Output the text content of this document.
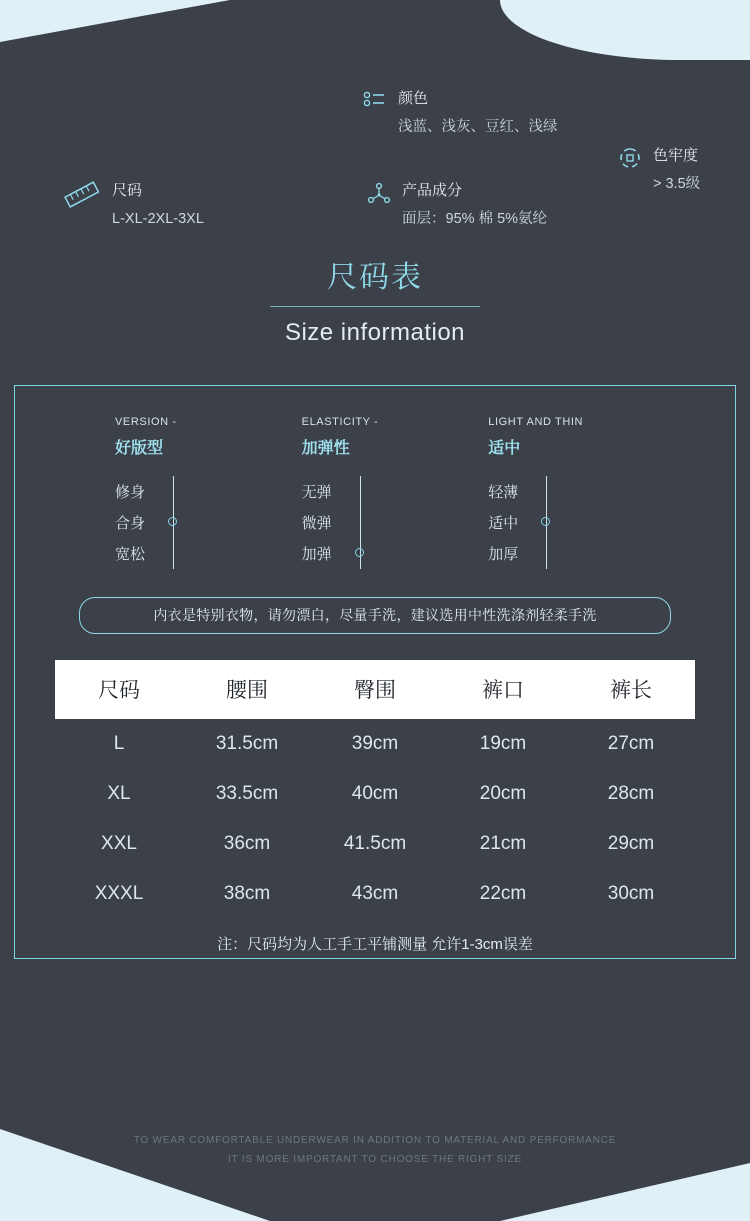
颜色
浅蓝、浅灰、豆红、浅绿
色牢度
> 3.5级
尺码
L-XL-2XL-3XL
产品成分
面层：95% 棉 5%氨纶
尺码表
Size information
VERSION -
好版型
修身
合身
宽松
ELASTICITY -
加弹性
无弹
微弹
加弹
LIGHT AND THIN
适中
轻薄
适中
加厚
内衣是特别衣物，请勿漂白，尽量手洗，建议选用中性洗涤剂轻柔手洗
尺码	腰围	臀围	裤口	裤长
L	31.5cm	39cm	19cm	27cm
XL	33.5cm	40cm	20cm	28cm
XXL	36cm	41.5cm	21cm	29cm
XXXL	38cm	43cm	22cm	30cm
注：尺码均为人工手工平铺测量 允许1-3cm误差
TO WEAR COMFORTABLE UNDERWEAR IN ADDITION TO MATERIAL AND PERFORMANCE
IT IS MORE IMPORTANT TO CHOOSE THE RIGHT SIZE
